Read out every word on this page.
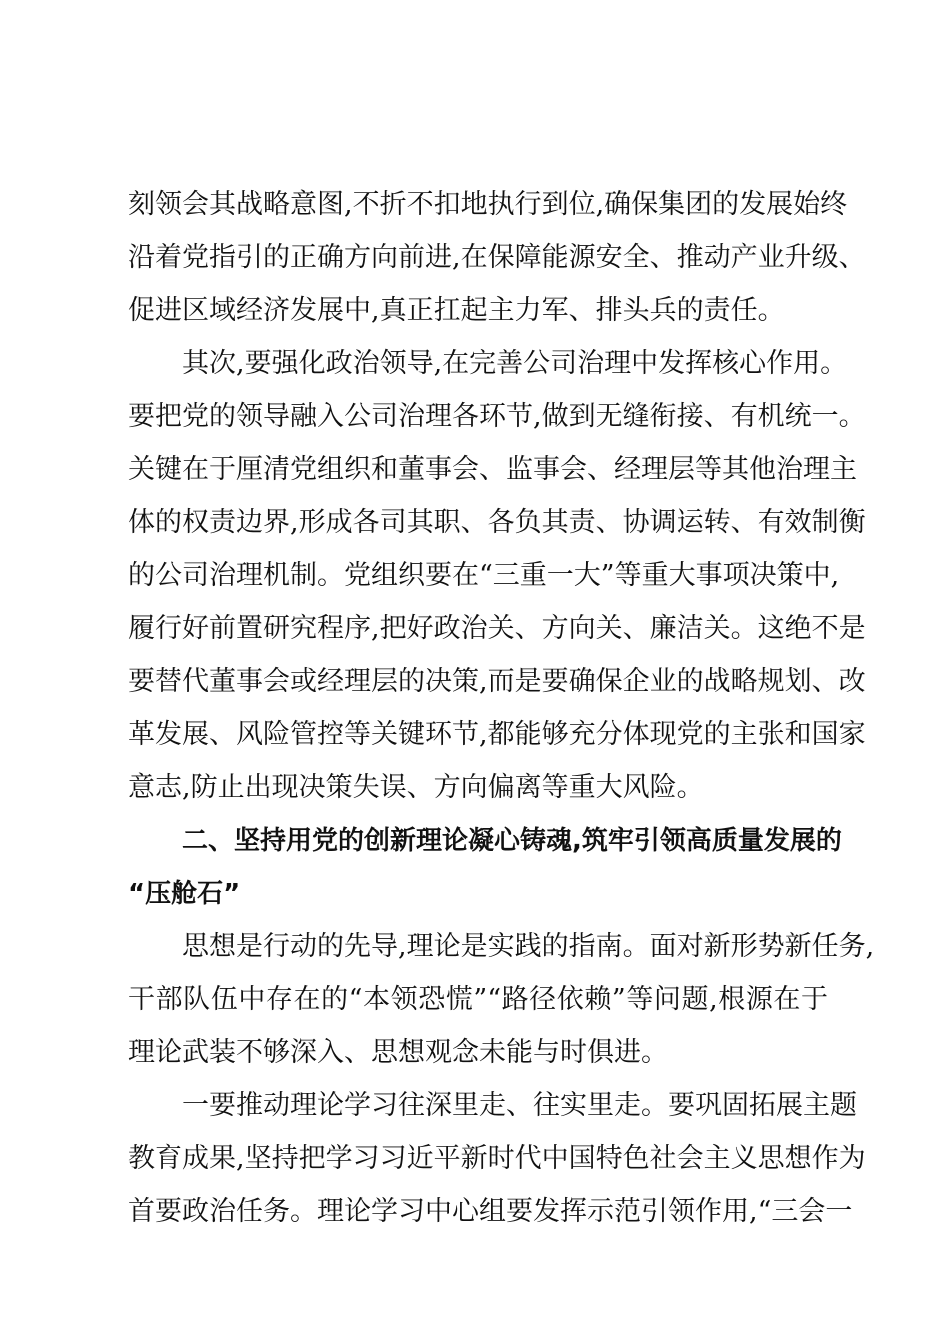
刻领会其战略意图,不折不扣地执行到位,确保集团的发展始终

沿着党指引的正确方向前进,在保障能源安全、推动产业升级、

促进区域经济发展中,真正扛起主力军、排头兵的责任。

其次,要强化政治领导,在完善公司治理中发挥核心作用。

要把党的领导融入公司治理各环节,做到无缝衔接、有机统一。

关键在于厘清党组织和董事会、监事会、经理层等其他治理主

体的权责边界,形成各司其职、各负其责、协调运转、有效制衡

的公司治理机制。党组织要在“三重一大”等重大事项决策中,

履行好前置研究程序,把好政治关、方向关、廉洁关。这绝不是

要替代董事会或经理层的决策,而是要确保企业的战略规划、改

革发展、风险管控等关键环节,都能够充分体现党的主张和国家

意志,防止出现决策失误、方向偏离等重大风险。

二、坚持用党的创新理论凝心铸魂,筑牢引领高质量发展的

“压舱石”

思想是行动的先导,理论是实践的指南。面对新形势新任务,

干部队伍中存在的“本领恐慌”“路径依赖”等问题,根源在于

理论武装不够深入、思想观念未能与时俱进。

一要推动理论学习往深里走、往实里走。要巩固拓展主题

教育成果,坚持把学习习近平新时代中国特色社会主义思想作为

首要政治任务。理论学习中心组要发挥示范引领作用,“三会一
